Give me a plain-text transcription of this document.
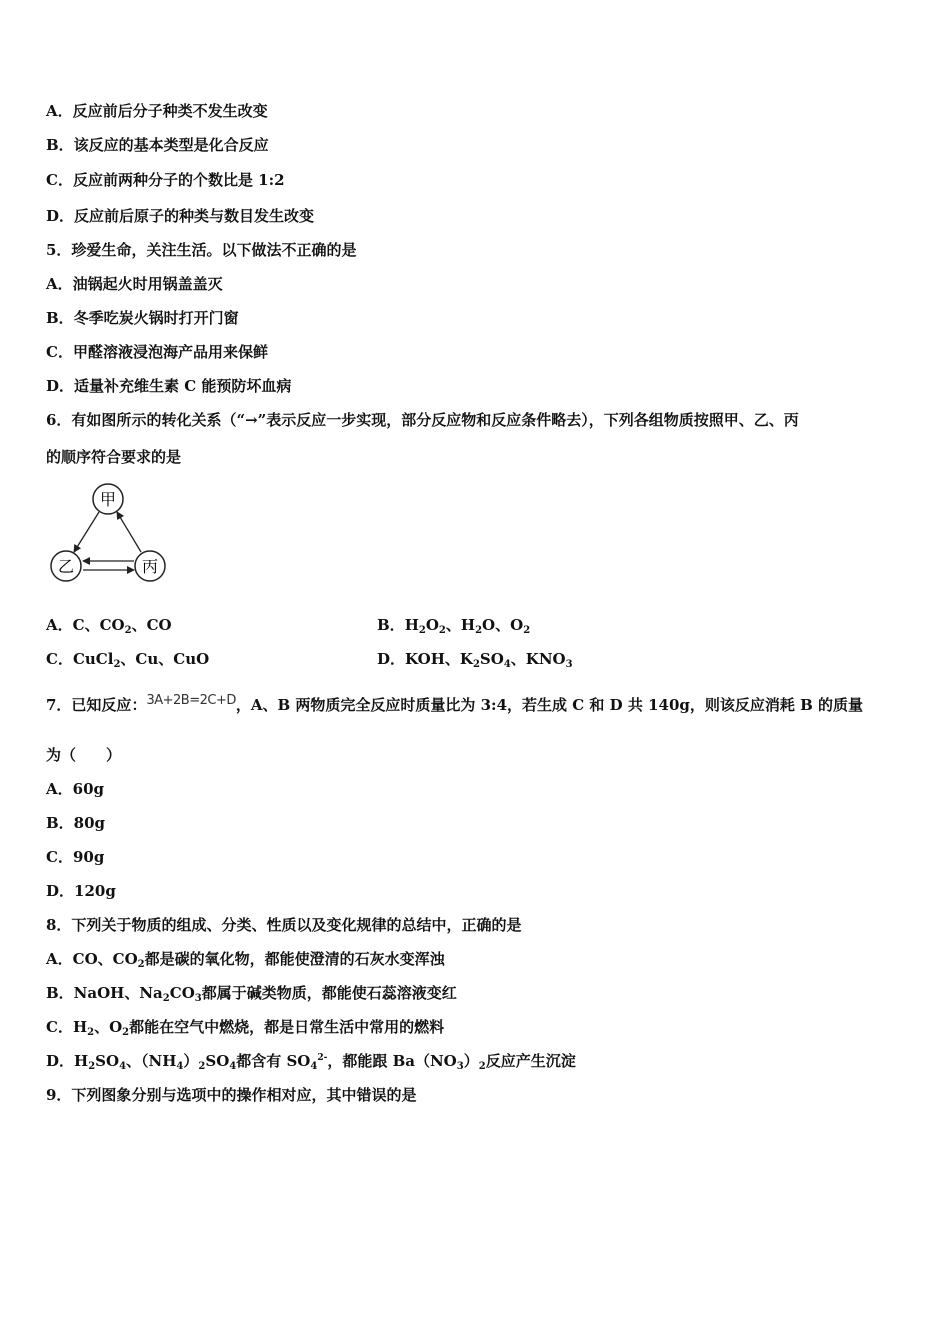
A．反应前后分子种类不发生改变
B．该反应的基本类型是化合反应
C．反应前两种分子的个数比是 1:2
D．反应前后原子的种类与数目发生改变
5．珍爱生命，关注生活。以下做法不正确的是
A．油锅起火时用锅盖盖灭
B．冬季吃炭火锅时打开门窗
C．甲醛溶液浸泡海产品用来保鲜
D．适量补充维生素 C 能预防坏血病
6．有如图所示的转化关系（“→”表示反应一步实现，部分反应物和反应条件略去），下列各组物质按照甲、乙、丙
的顺序符合要求的是
甲
乙	丙
A．C、$CO_2$、CO	B．$H_2O_2$、$H_2O$、$O_2$
C．CuCl$_2$、Cu、CuO	D．KOH、$K_2SO_4$、$KNO_3$
7．已知反应：3A+2B=2C+D，A、B 两物质完全反应时质量比为 3:4，若生成 C 和 D 共 140g，则该反应消耗 B 的质量
为（　　）
A．60g
B．80g
C．90g
D．120g
8．下列关于物质的组成、分类、性质以及变化规律的总结中，正确的是
A．CO、$CO_2$都是碳的氧化物，都能使澄清的石灰水变浑浊
B．NaOH、$Na_2CO_3$都属于碱类物质，都能使石蕊溶液变红
C．$H_2$、$O_2$都能在空气中燃烧，都是日常生活中常用的燃料
D．$H_2SO_4$、$(NH_4)_2SO_4$都含有 $SO_4^{2-}$，都能跟 $Ba(NO_3)_2$反应产生沉淀
9．下列图象分别与选项中的操作相对应，其中错误的是
